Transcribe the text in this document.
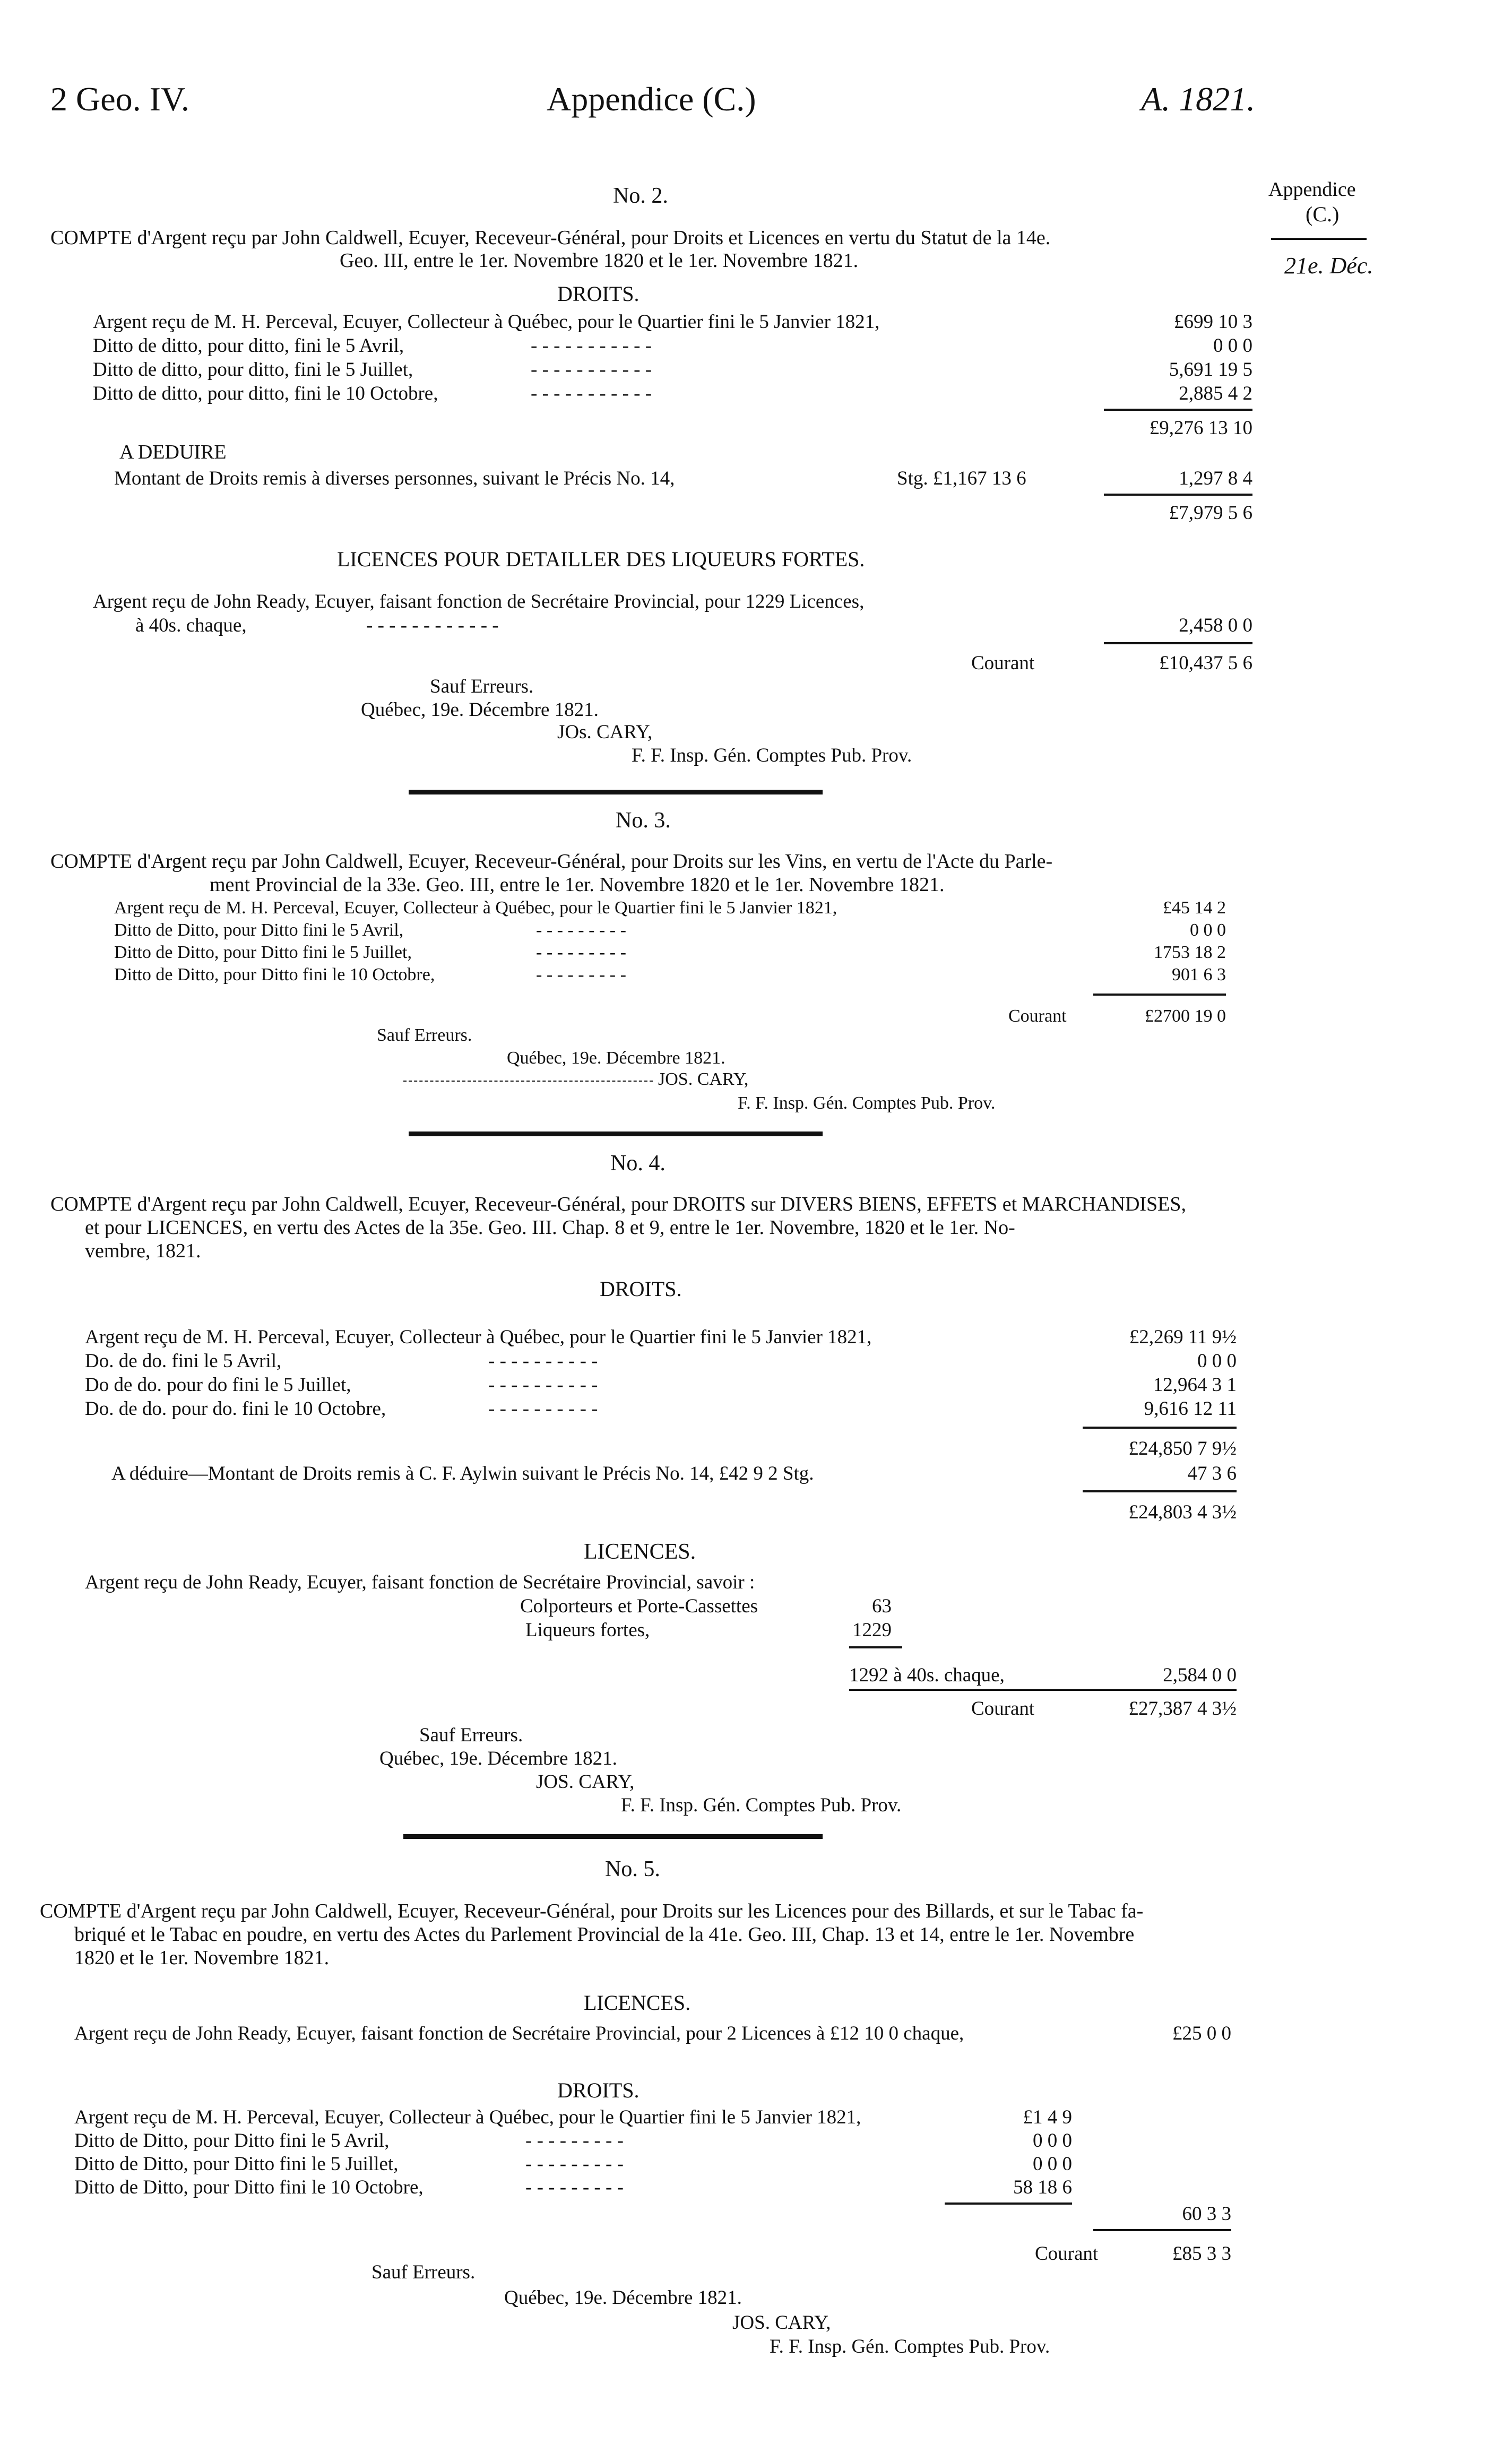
2 Geo. IV.	Appendice (C.)	A. 1821.
Appendice
(C.)
21e. Déc.
No. 2.
COMPTE d'Argent reçu par John Caldwell, Ecuyer, Receveur-Général, pour Droits et Licences en vertu du Statut de la 14e.
Geo. III, entre le 1er. Novembre 1820 et le 1er. Novembre 1821.
DROITS.
Argent reçu de M. H. Perceval, Ecuyer, Collecteur à Québec, pour le Quartier fini le 5 Janvier 1821,	£699 10 3
Ditto de ditto, pour ditto, fini le 5 Avril,	- - - - - - - - - - -	0 0 0
Ditto de ditto, pour ditto, fini le 5 Juillet,	- - - - - - - - - - -	5,691 19 5
Ditto de ditto, pour ditto, fini le 10 Octobre,	- - - - - - - - - - -	2,885 4 2
£9,276 13 10
A DEDUIRE
Montant de Droits remis à diverses personnes, suivant le Précis No. 14,	Stg. £1,167 13 6	1,297 8 4
£7,979 5 6
LICENCES POUR DETAILLER DES LIQUEURS FORTES.
Argent reçu de John Ready, Ecuyer, faisant fonction de Secrétaire Provincial, pour 1229 Licences,
à 40s. chaque,	- - - - - - - - - - - -	2,458 0 0
Courant	£10,437 5 6
Sauf Erreurs.
Québec, 19e. Décembre 1821.
JOs. CARY,
F. F. Insp. Gén. Comptes Pub. Prov.
No. 3.
COMPTE d'Argent reçu par John Caldwell, Ecuyer, Receveur-Général, pour Droits sur les Vins, en vertu de l'Acte du Parle-
ment Provincial de la 33e. Geo. III, entre le 1er. Novembre 1820 et le 1er. Novembre 1821.
Argent reçu de M. H. Perceval, Ecuyer, Collecteur à Québec, pour le Quartier fini le 5 Janvier 1821,	£45 14 2
Ditto de Ditto, pour Ditto fini le 5 Avril,	- - - - - - - - -	0 0 0
Ditto de Ditto, pour Ditto fini le 5 Juillet,	- - - - - - - - -	1753 18 2
Ditto de Ditto, pour Ditto fini le 10 Octobre,	- - - - - - - - -	901 6 3
Courant	£2700 19 0
Sauf Erreurs.
Québec, 19e. Décembre 1821.
JOS. CARY,
F. F. Insp. Gén. Comptes Pub. Prov.
No. 4.
COMPTE d'Argent reçu par John Caldwell, Ecuyer, Receveur-Général, pour DROITS sur DIVERS BIENS, EFFETS et MARCHANDISES,
et pour LICENCES, en vertu des Actes de la 35e. Geo. III. Chap. 8 et 9, entre le 1er. Novembre, 1820 et le 1er. No-
vembre, 1821.
DROITS.
Argent reçu de M. H. Perceval, Ecuyer, Collecteur à Québec, pour le Quartier fini le 5 Janvier 1821,	£2,269 11 9½
Do. de do. fini le 5 Avril,	- - - - - - - - - -	0 0 0
Do de do. pour do fini le 5 Juillet,	- - - - - - - - - -	12,964 3 1
Do. de do. pour do. fini le 10 Octobre,	- - - - - - - - - -	9,616 12 11
£24,850 7 9½
A déduire—Montant de Droits remis à C. F. Aylwin suivant le Précis No. 14, £42 9 2 Stg.	47 3 6
£24,803 4 3½
LICENCES.
Argent reçu de John Ready, Ecuyer, faisant fonction de Secrétaire Provincial, savoir :
Colporteurs et Porte-Cassettes	63
Liqueurs fortes,	1229
1292 à 40s. chaque,	2,584 0 0
Courant	£27,387 4 3½
Sauf Erreurs.
Québec, 19e. Décembre 1821.
JOS. CARY,
F. F. Insp. Gén. Comptes Pub. Prov.
No. 5.
COMPTE d'Argent reçu par John Caldwell, Ecuyer, Receveur-Général, pour Droits sur les Licences pour des Billards, et sur le Tabac fa-
briqué et le Tabac en poudre, en vertu des Actes du Parlement Provincial de la 41e. Geo. III, Chap. 13 et 14, entre le 1er. Novembre
1820 et le 1er. Novembre 1821.
LICENCES.
Argent reçu de John Ready, Ecuyer, faisant fonction de Secrétaire Provincial, pour 2 Licences à £12 10 0 chaque,	£25 0 0
DROITS.
Argent reçu de M. H. Perceval, Ecuyer, Collecteur à Québec, pour le Quartier fini le 5 Janvier 1821,	£1 4 9
Ditto de Ditto, pour Ditto fini le 5 Avril,	- - - - - - - - -	0 0 0
Ditto de Ditto, pour Ditto fini le 5 Juillet,	- - - - - - - - -	0 0 0
Ditto de Ditto, pour Ditto fini le 10 Octobre,	- - - - - - - - -	58 18 6
60 3 3
Courant	£85 3 3
Sauf Erreurs.
Québec, 19e. Décembre 1821.
JOS. CARY,
F. F. Insp. Gén. Comptes Pub. Prov.
